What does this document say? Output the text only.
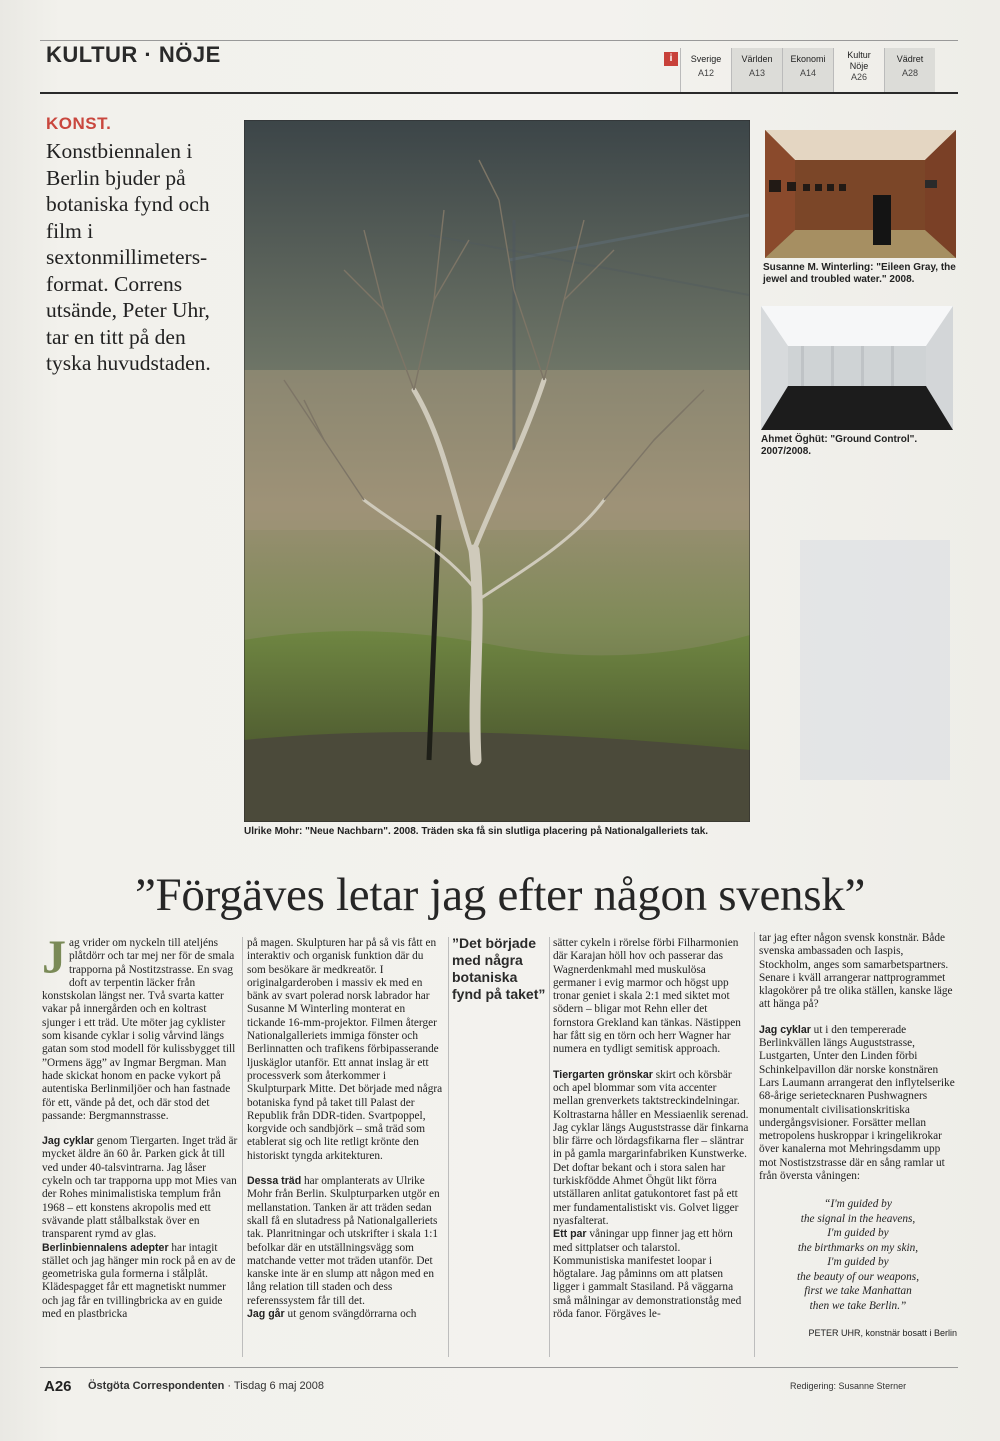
KULTUR · NÖJE	i	Sverige
A12
Världen
A13
Ekonomi
A14
Kultur Nöje
A26
Vädret
A28
KONST.
Konstbiennalen i Berlin bjuder på botaniska fynd och film i sextonmillimeters-format. Correns utsände, Peter Uhr, tar en titt på den tyska huvudstaden.
Ulrike Mohr: "Neue Nachbarn". 2008. Träden ska få sin slutliga placering på Nationalgalleriets tak.
Susanne M. Winterling: "Eileen Gray, the jewel and troubled water." 2008.
Ahmet Öghüt: "Ground Control". 2007/2008.
”Förgäves letar jag efter någon svensk”

Jag vrider om nyckeln till ateljéns plåtdörr och tar mej ner för de smala trapporna på Nostitzstrasse. En svag doft av terpentin läcker från konstskolan längst ner. Två svarta katter vakar på innergården och en koltrast sjunger i ett träd. Ute möter jag cyklister som kisande cyklar i solig vårvind längs gatan som stod modell för kulissbygget till ”Ormens ägg” av Ingmar Bergman. Man hade skickat honom en packe vykort på autentiska Berlinmiljöer och han fastnade för ett, vände på det, och där stod det passande: Bergmannstrasse.

Jag cyklar genom Tiergarten. Inget träd är mycket äldre än 60 år. Parken gick åt till ved under 40-talsvintrarna. Jag låser cykeln och tar trapporna upp mot Mies van der Rohes minimalistiska templum från 1968 – ett konstens akropolis med ett svävande platt stålbalkstak över en transparent rymd av glas.

Berlinbiennalens adepter har intagit stället och jag hänger min rock på en av de geometriska gula formerna i stålplåt. Klädespagget får ett magnetiskt nummer och jag får en tvillingbricka av en guide med en plastbricka

på magen. Skulpturen har på så vis fått en interaktiv och organisk funktion där du som besökare är medkreatör. I originalgarderoben i massiv ek med en bänk av svart polerad norsk labrador har Susanne M Winterling monterat en tickande 16-mm-projektor. Filmen återger Nationalgalleriets immiga fönster och Berlinnatten och trafikens förbipasserande ljuskäglor utanför. Ett annat inslag är ett processverk som återkommer i Skulpturpark Mitte. Det började med några botaniska fynd på taket till Palast der Republik från DDR-tiden. Svartpoppel, korgvide och sandbjörk – små träd som etablerat sig och lite retligt krönte den historiskt tyngda arkitekturen.

Dessa träd har omplanterats av Ulrike Mohr från Berlin. Skulpturparken utgör en mellanstation. Tanken är att träden sedan skall få en slutadress på Nationalgalleriets tak. Planritningar och utskrifter i skala 1:1 befolkar där en utställningsvägg som matchande vetter mot träden utanför. Det kanske inte är en slump att någon med en lång relation till staden och dess referenssystem får till det.

Jag går ut genom svängdörrarna och

”Det började med några botaniska fynd på taket”

sätter cykeln i rörelse förbi Filharmonien där Karajan höll hov och passerar das Wagnerdenkmahl med muskulösa germaner i evig marmor och högst upp tronar geniet i skala 2:1 med siktet mot södern – bligar mot Rehn eller det fornstora Grekland kan tänkas. Nästippen har fått sig en törn och herr Wagner har numera en tydligt semitisk approach.

Tiergarten grönskar skirt och körsbär och apel blommar som vita accenter mellan grenverkets taktstreckindelningar. Koltrastarna håller en Messiaenlik serenad. Jag cyklar längs Auguststrasse där finkarna blir färre och lördagsfikarna fler – släntrar in på gamla margarinfabriken Kunstwerke. Det doftar bekant och i stora salen har turkiskfödde Ahmet Öhgüt likt förra utställaren anlitat gatukontoret fast på ett mer fundamentalistiskt vis. Golvet ligger nyasfalterat.

Ett par våningar upp finner jag ett hörn med sittplatser och talarstol. Kommunistiska manifestet loopar i högtalare. Jag påminns om att platsen ligger i gammalt Stasiland. På väggarna små målningar av demonstrationståg med röda fanor. Förgäves le-

tar jag efter någon svensk konstnär. Både svenska ambassaden och Iaspis, Stockholm, anges som samarbetspartners. Senare i kväll arrangerar nattprogrammet klagokörer på tre olika ställen, kanske läge att hänga på?

Jag cyklar ut i den tempererade Berlinkvällen längs Auguststrasse, Lustgarten, Unter den Linden förbi Schinkelpavillon där norske konstnären Lars Laumann arrangerat den inflytelserike 68-årige serietecknaren Pushwagners monumentalt civilisationskritiska undergångsvisioner. Forsätter mellan metropolens huskroppar i kringelikrokar över kanalerna mot Mehringsdamm upp mot Nostistzstrasse där en sång ramlar ut från översta våningen:

“I'm guided by
the signal in the heavens,
I'm guided by
the birthmarks on my skin,
I'm guided by
the beauty of our weapons,
first we take Manhattan
then we take Berlin.”
PETER UHR, konstnär bosatt i Berlin
A26 Östgöta Correspondenten · Tisdag 6 maj 2008	Redigering: Susanne Sterner
